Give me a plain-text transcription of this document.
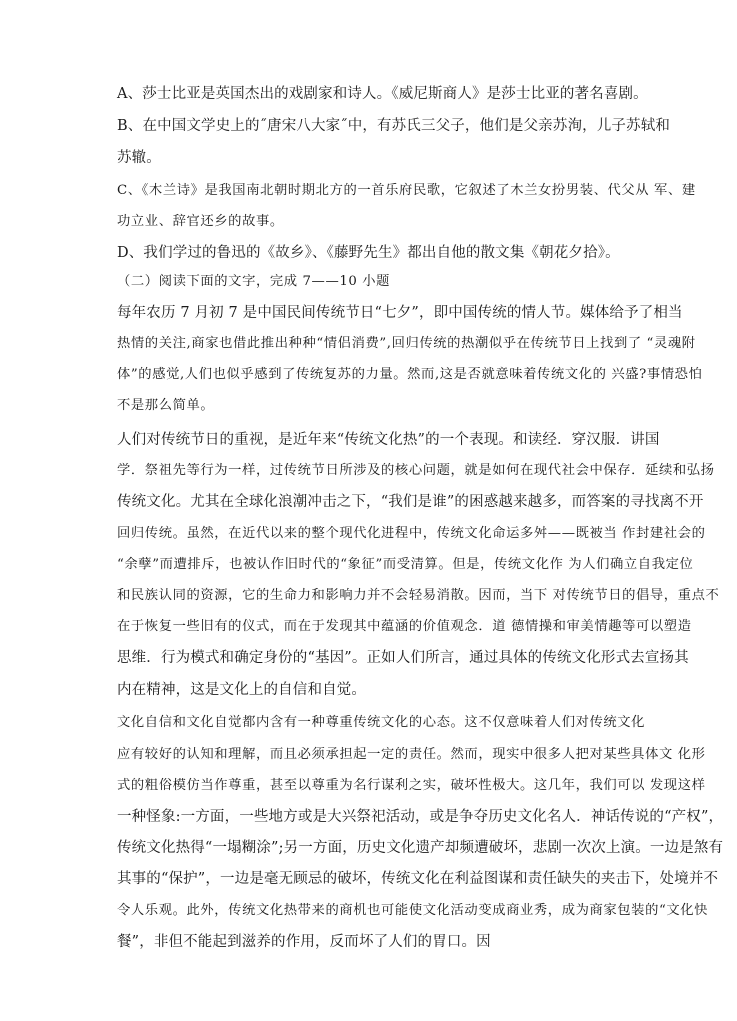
A、莎士比亚是英国杰出的戏剧家和诗人。《威尼斯商人》是莎士比亚的著名喜剧。
B、在中国文学史上的˝唐宋八大家˝中，有苏氏三父子，他们是父亲苏洵，儿子苏轼和
苏辙。
C、《木兰诗》是我国南北朝时期北方的一首乐府民歌，它叙述了木兰女扮男装、代父从 军、建
功立业、辞官还乡的故事。
D、我们学过的鲁迅的《故乡》、《藤野先生》都出自他的散文集《朝花夕拾》。
（二）阅读下面的文字，完成 7——10 小题
每年农历 7 月初 7 是中国民间传统节日“七夕”，即中国传统的情人节。媒体给予了相当
热情的关注,商家也借此推出种种“情侣消费”,回归传统的热潮似乎在传统节日上找到了 “灵魂附
体”的感觉,人们也似乎感到了传统复苏的力量。然而,这是否就意味着传统文化的 兴盛?事情恐怕
不是那么简单。
人们对传统节日的重视，是近年来“传统文化热”的一个表现。和读经．穿汉服．讲国
学．祭祖先等行为一样，过传统节日所涉及的核心问题，就是如何在现代社会中保存．延续和弘扬
传统文化。尤其在全球化浪潮冲击之下，“我们是谁”的困惑越来越多，而答案的寻找离不开
回归传统。虽然，在近代以来的整个现代化进程中，传统文化命运多舛——既被当 作封建社会的
“余孽”而遭排斥，也被认作旧时代的“象征”而受清算。但是，传统文化作 为人们确立自我定位
和民族认同的资源，它的生命力和影响力并不会轻易消散。因而，当下 对传统节日的倡导，重点不
在于恢复一些旧有的仪式，而在于发现其中蕴涵的价值观念．道 德情操和审美情趣等可以塑造
思维．行为模式和确定身份的“基因”。正如人们所言，通过具体的传统文化形式去宣扬其
内在精神，这是文化上的自信和自觉。
文化自信和文化自觉都内含有一种尊重传统文化的心态。这不仅意味着人们对传统文化
应有较好的认知和理解，而且必须承担起一定的责任。然而，现实中很多人把对某些具体文 化形
式的粗俗模仿当作尊重，甚至以尊重为名行谋利之实，破坏性极大。这几年，我们可以 发现这样
一种怪象:一方面，一些地方或是大兴祭祀活动，或是争夺历史文化名人．神话传说的“产权”，
传统文化热得“一塌糊涂”;另一方面，历史文化遗产却频遭破坏，悲剧一次次上演。一边是煞有
其事的“保护”，一边是毫无顾忌的破坏，传统文化在利益图谋和责任缺失的夹击下，处境并不
令人乐观。此外，传统文化热带来的商机也可能使文化活动变成商业秀，成为商家包装的“文化快
餐”，非但不能起到滋养的作用，反而坏了人们的胃口。因
